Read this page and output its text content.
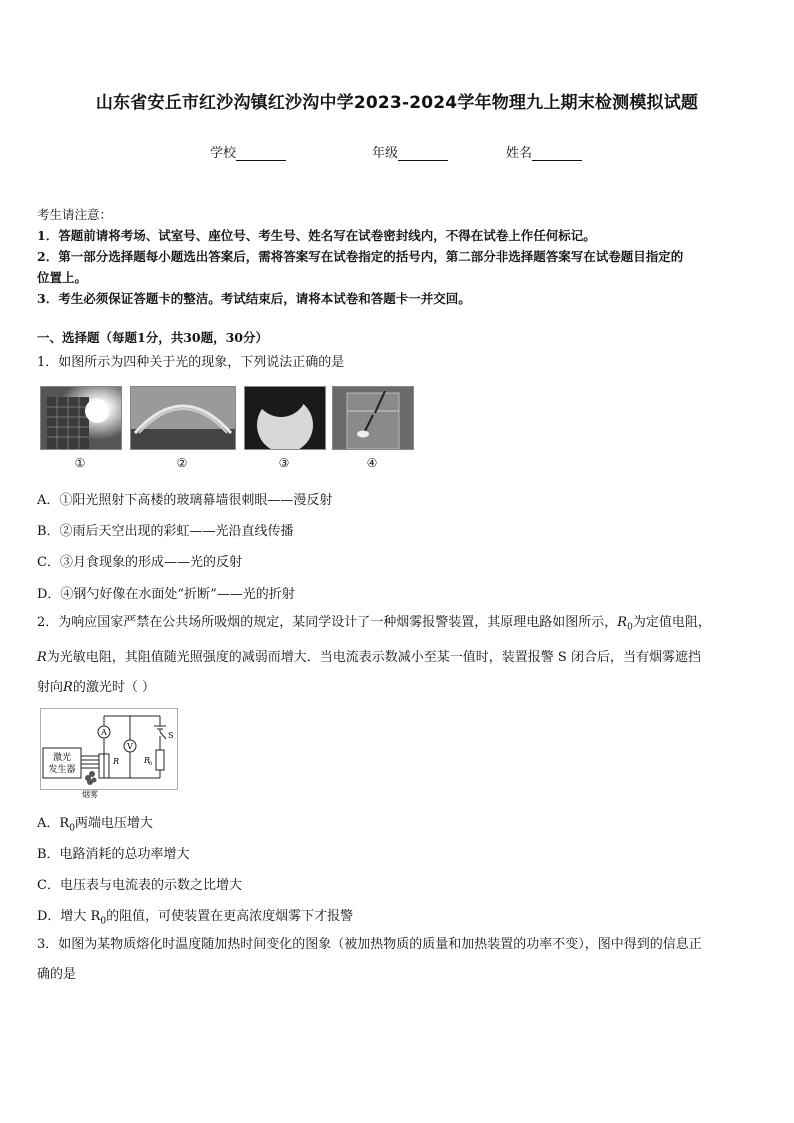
山东省安丘市红沙沟镇红沙沟中学2023-2024学年物理九上期末检测模拟试题
学校	年级	姓名
考生请注意：
1．答题前请将考场、试室号、座位号、考生号、姓名写在试卷密封线内，不得在试卷上作任何标记。
2．第一部分选择题每小题选出答案后，需将答案写在试卷指定的括号内，第二部分非选择题答案写在试卷题目指定的
位置上。
3．考生必须保证答题卡的整洁。考试结束后，请将本试卷和答题卡一并交回。
一、选择题（每题1分，共30题，30分）
1．如图所示为四种关于光的现象，下列说法正确的是
①	②	③	④
A．①阳光照射下高楼的玻璃幕墙很刺眼——漫反射
B．②雨后天空出现的彩虹——光沿直线传播
C．③月食现象的形成——光的反射
D．④钢勺好像在水面处“折断”——光的折射
2．为响应国家严禁在公共场所吸烟的规定，某同学设计了一种烟雾报警装置，其原理电路如图所示，$R_0$为定值电阻，
R为光敏电阻，其阻值随光照强度的减弱而增大．当电流表示数减小至某一值时，装置报警 S 闭合后，当有烟雾遮挡
射向R的激光时（ ）
A
V
R
S
R
0
激光
发生器
烟雾
A．$R_0$两端电压增大
B．电路消耗的总功率增大
C．电压表与电流表的示数之比增大
D．增大 $R_0$的阻值，可使装置在更高浓度烟雾下才报警
3．如图为某物质熔化时温度随加热时间变化的图象（被加热物质的质量和加热装置的功率不变），图中得到的信息正
确的是
